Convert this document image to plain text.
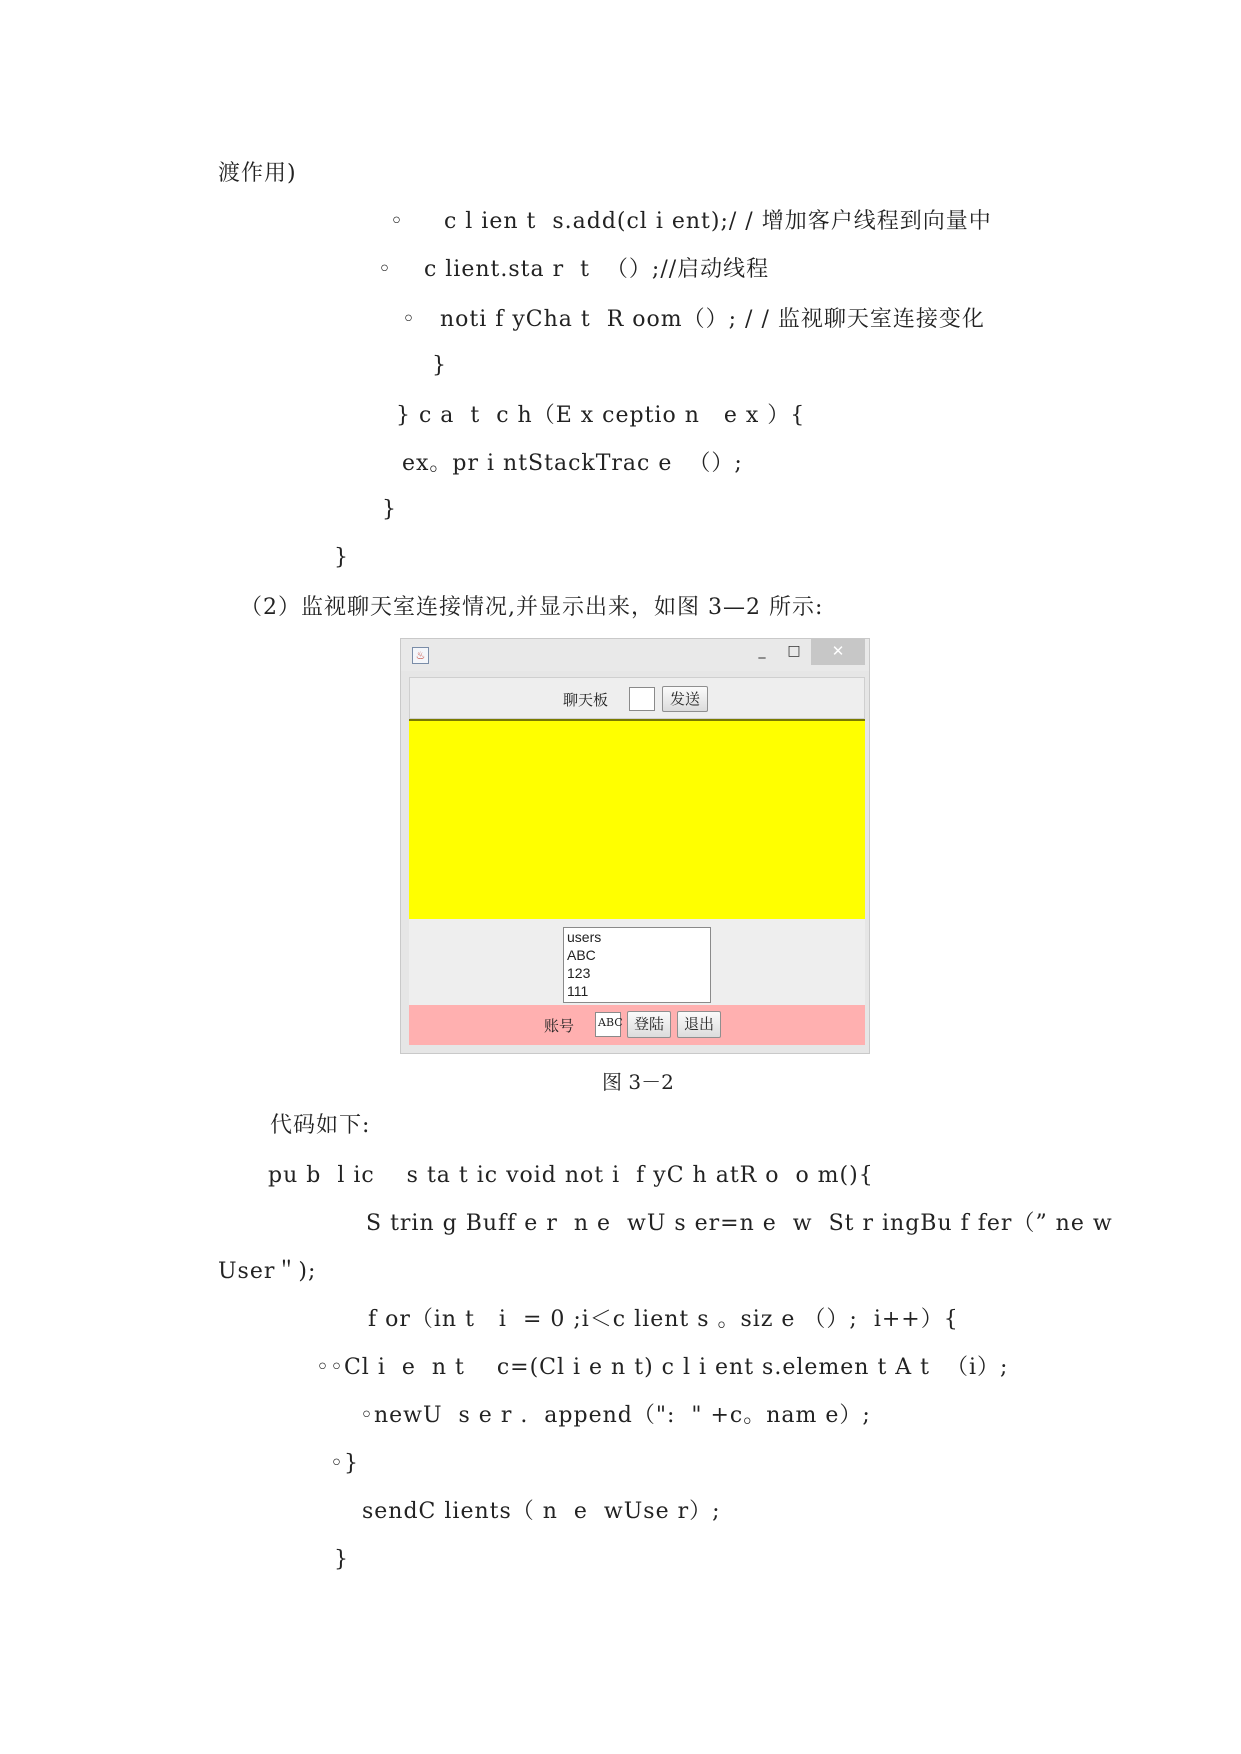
渡作用)
◦     c l ien t  s.add(cl i ent);/ / 增加客户线程到向量中
◦    c lient.sta r  t  （）;//启动线程
◦   noti f yCha t  R oom（）; / / 监视聊天室连接变化
}
} c a  t  c h（E x ceptio n   e x ）{
ex。pr i ntStackTrac e  （）;
}
}
（2）监视聊天室连接情况,并显示出来，如图 3—2 所示:
♨	_	□	✕
聊天板	发送
users
ABC
123
111
账号 ABC 登陆	退出
图 3－2
代码如下:
pu b  l ic    s ta t ic void not i  f yC h atR o  o m(){
S trin g Buff e r  n e  wU s er=n e  w  St r ingBu f fer（” ne w
User＂);
f or（in t   i  = 0 ;i＜c lient s 。siz e （）;  i++）{
◦◦Cl i  e  n t    c=(Cl i e n t) c l i ent s.elemen t A t  （i）;
◦newU  s e r .  append（":  " +c。nam e）;
◦}
sendC lients（ n  e  wUse r）;
}
